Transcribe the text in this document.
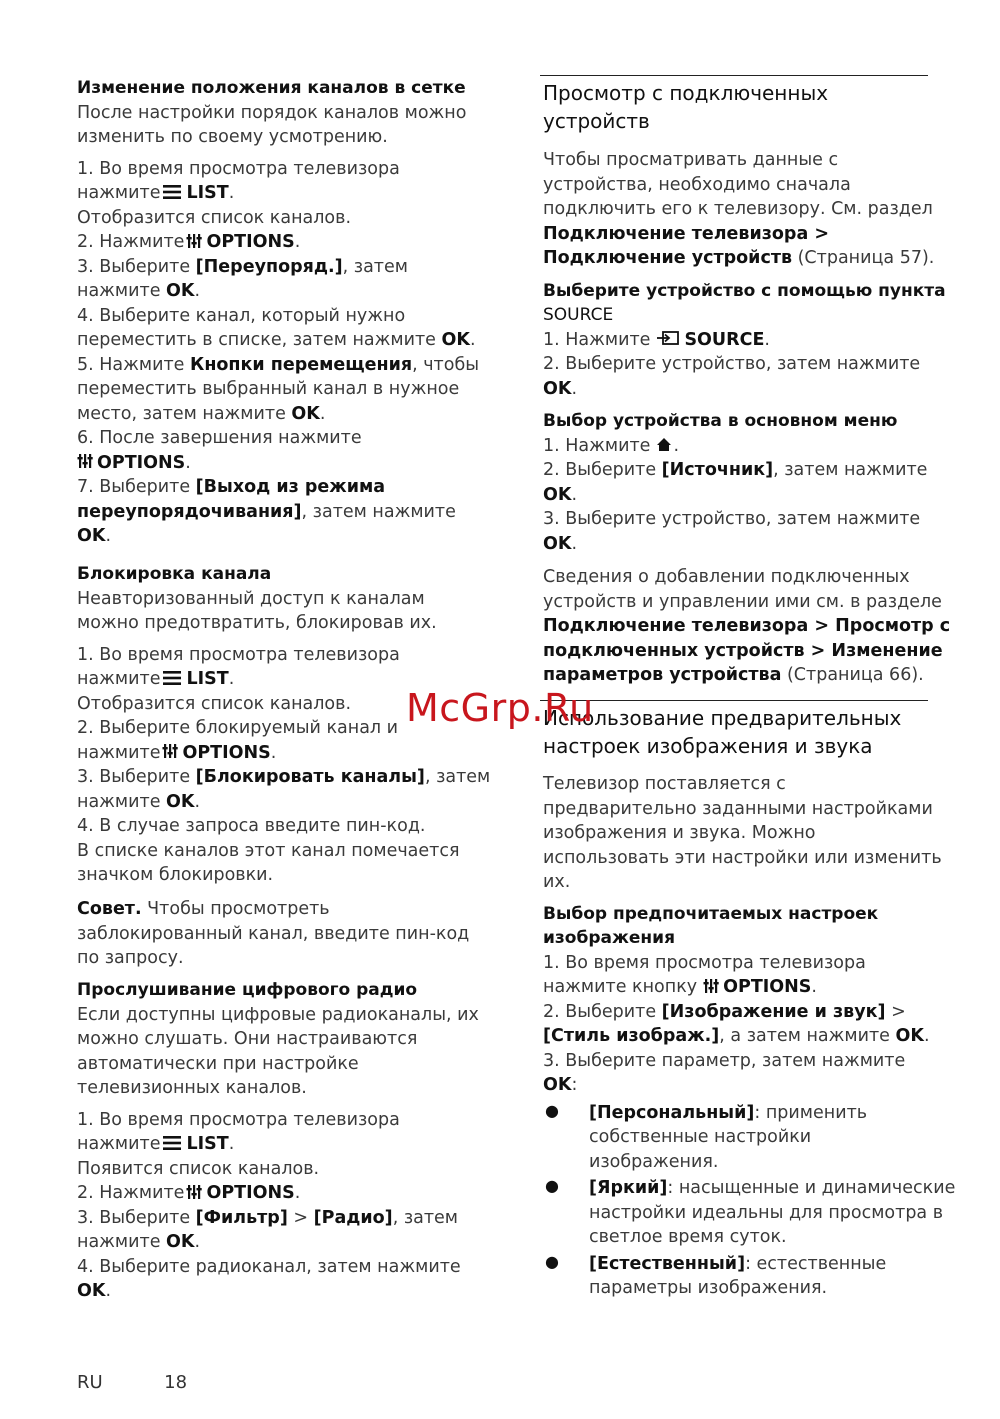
Изменение положения каналов в сетке
После настройки порядок каналов можно
изменить по своему усмотрению.
1. Во время просмотра телевизора
нажмите LIST.
Отобразится список каналов.
2. Нажмите OPTIONS.
3. Выберите [Переупоряд.], затем
нажмите OK.
4. Выберите канал, который нужно
переместить в списке, затем нажмите OK.
5. Нажмите Кнопки перемещения, чтобы
переместить выбранный канал в нужное
место, затем нажмите OK.
6. После завершения нажмите
OPTIONS.
7. Выберите [Выход из режима
переупорядочивания], затем нажмите
OK.
Блокировка канала
Неавторизованный доступ к каналам
можно предотвратить, блокировав их.
1. Во время просмотра телевизора
нажмите LIST.
Отобразится список каналов.
2. Выберите блокируемый канал и
нажмите OPTIONS.
3. Выберите [Блокировать каналы], затем
нажмите OK.
4. В случае запроса введите пин-код.
В списке каналов этот канал помечается
значком блокировки.
Совет. Чтобы просмотреть
заблокированный канал, введите пин-код
по запросу.
Прослушивание цифрового радио
Если доступны цифровые радиоканалы, их
можно слушать. Они настраиваются
автоматически при настройке
телевизионных каналов.
1. Во время просмотра телевизора
нажмите LIST.
Появится список каналов.
2. Нажмите OPTIONS.
3. Выберите [Фильтр] > [Радио], затем
нажмите OK.
4. Выберите радиоканал, затем нажмите
OK.
Просмотр с подключенных
устройств
Чтобы просматривать данные с
устройства, необходимо сначала
подключить его к телевизору. См. раздел
Подключение телевизора >
Подключение устройств (Страница 57).
Выберите устройство с помощью пункта
SOURCE
1. Нажмите SOURCE.
2. Выберите устройство, затем нажмите
OK.
Выбор устройства в основном меню
1. Нажмите .
2. Выберите [Источник], затем нажмите
OK.
3. Выберите устройство, затем нажмите
OK.
Сведения о добавлении подключенных
устройств и управлении ими см. в разделе
Подключение телевизора > Просмотр с
подключенных устройств > Изменение
параметров устройства (Страница 66).
Использование предварительных
настроек изображения и звука
Телевизор поставляется с
предварительно заданными настройками
изображения и звука. Можно
использовать эти настройки или изменить
их.
Выбор предпочитаемых настроек
изображения
1. Во время просмотра телевизора
нажмите кнопку OPTIONS.
2. Выберите [Изображение и звук] >
[Стиль изображ.], а затем нажмите OK.
3. Выберите параметр, затем нажмите
OK:
● [Персональный]: применить
собственные настройки
изображения.
● [Яркий]: насыщенные и динамические
настройки идеальны для просмотра в
светлое время суток.
● [Естественный]: естественные
параметры изображения.
McGrp.Ru
RU	18
